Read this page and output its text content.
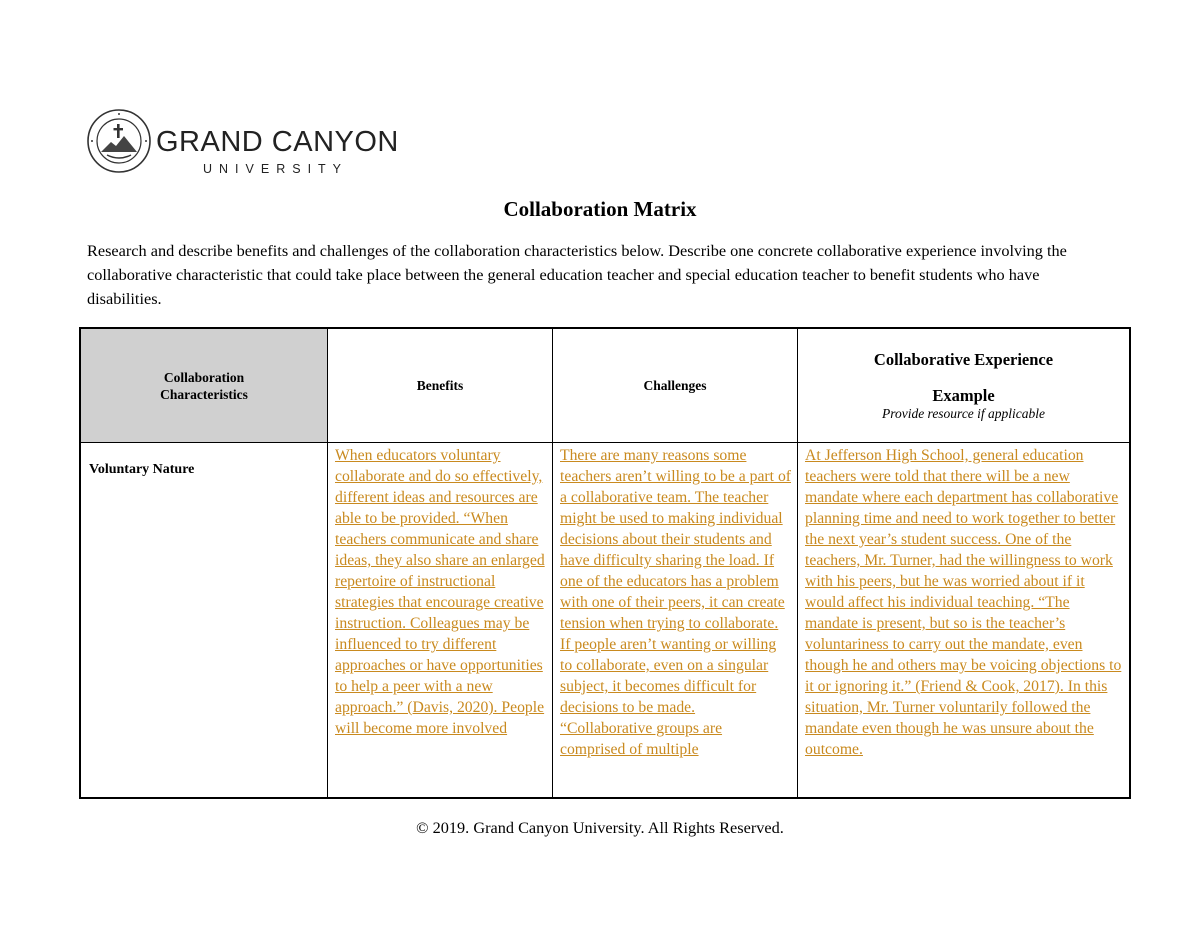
GRAND CANYON
UNIVERSITY
Collaboration Matrix
Research and describe benefits and challenges of the collaboration characteristics below. Describe one concrete collaborative experience involving the collaborative characteristic that could take place between the general education teacher and special education teacher to benefit students who have disabilities.
Collaboration Characteristics
Benefits	Challenges
Collaborative Experience
Example
Provide resource if applicable
Voluntary Nature
When educators voluntary collaborate and do so effectively, different ideas and resources are able to be provided. “When teachers communicate and share ideas, they also share an enlarged repertoire of instructional strategies that encourage creative instruction. Colleagues may be influenced to try different approaches or have opportunities to help a peer with a new approach.” (Davis, 2020). People will become more involved
There are many reasons some teachers aren’t willing to be a part of a collaborative team. The teacher might be used to making individual decisions about their students and have difficulty sharing the load. If one of the educators has a problem with one of their peers, it can create tension when trying to collaborate. If people aren’t wanting or willing to collaborate, even on a singular subject, it becomes difficult for decisions to be made. “Collaborative groups are comprised of multiple
At Jefferson High School, general education teachers were told that there will be a new mandate where each department has collaborative planning time and need to work together to better the next year’s student success. One of the teachers, Mr. Turner, had the willingness to work with his peers, but he was worried about if it would affect his individual teaching. “The mandate is present, but so is the teacher’s voluntariness to carry out the mandate, even though he and others may be voicing objections to it or ignoring it.” (Friend & Cook, 2017). In this situation, Mr. Turner voluntarily followed the mandate even though he was unsure about the outcome.
© 2019. Grand Canyon University. All Rights Reserved.
